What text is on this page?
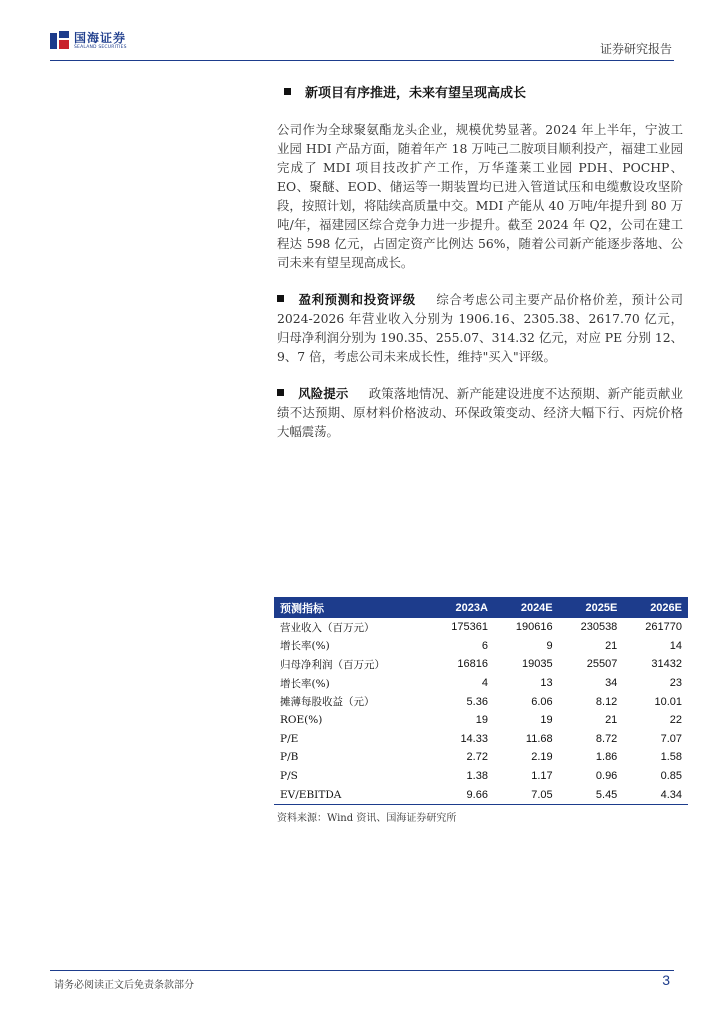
国海证券
SEALAND SECURITIES	证券研究报告
新项目有序推进，未来有望呈现高成长
公司作为全球聚氨酯龙头企业，规模优势显著。2024 年上半年，宁波工业园 HDI 产品方面，随着年产 18 万吨己二胺项目顺利投产，福建工业园完成了 MDI 项目技改扩产工作，万华蓬莱工业园 PDH、POCHP、EO、聚醚、EOD、储运等一期装置均已进入管道试压和电缆敷设攻坚阶段，按照计划，将陆续高质量中交。MDI 产能从 40 万吨/年提升到 80 万吨/年，福建园区综合竞争力进一步提升。截至 2024 年 Q2，公司在建工程达 598 亿元，占固定资产比例达 56%，随着公司新产能逐步落地、公司未来有望呈现高成长。
盈利预测和投资评级 综合考虑公司主要产品价格价差，预计公司 2024-2026 年营业收入分别为 1906.16、2305.38、2617.70 亿元，归母净利润分别为 190.35、255.07、314.32 亿元，对应 PE 分别 12、9、7 倍，考虑公司未来成长性，维持"买入"评级。
风险提示 政策落地情况、新产能建设进度不达预期、新产能贡献业绩不达预期、原材料价格波动、环保政策变动、经济大幅下行、丙烷价格大幅震荡。
预测指标	2023A	2024E	2025E	2026E
营业收入（百万元）	175361	190616	230538	261770
增长率(%)	6	9	21	14
归母净利润（百万元）	16816	19035	25507	31432
增长率(%)	4	13	34	23
摊薄每股收益（元）	5.36	6.06	8.12	10.01
ROE(%)	19	19	21	22
P/E	14.33	11.68	8.72	7.07
P/B	2.72	2.19	1.86	1.58
P/S	1.38	1.17	0.96	0.85
EV/EBITDA	9.66	7.05	5.45	4.34
资料来源：Wind 资讯、国海证券研究所
请务必阅读正文后免责条款部分	3
